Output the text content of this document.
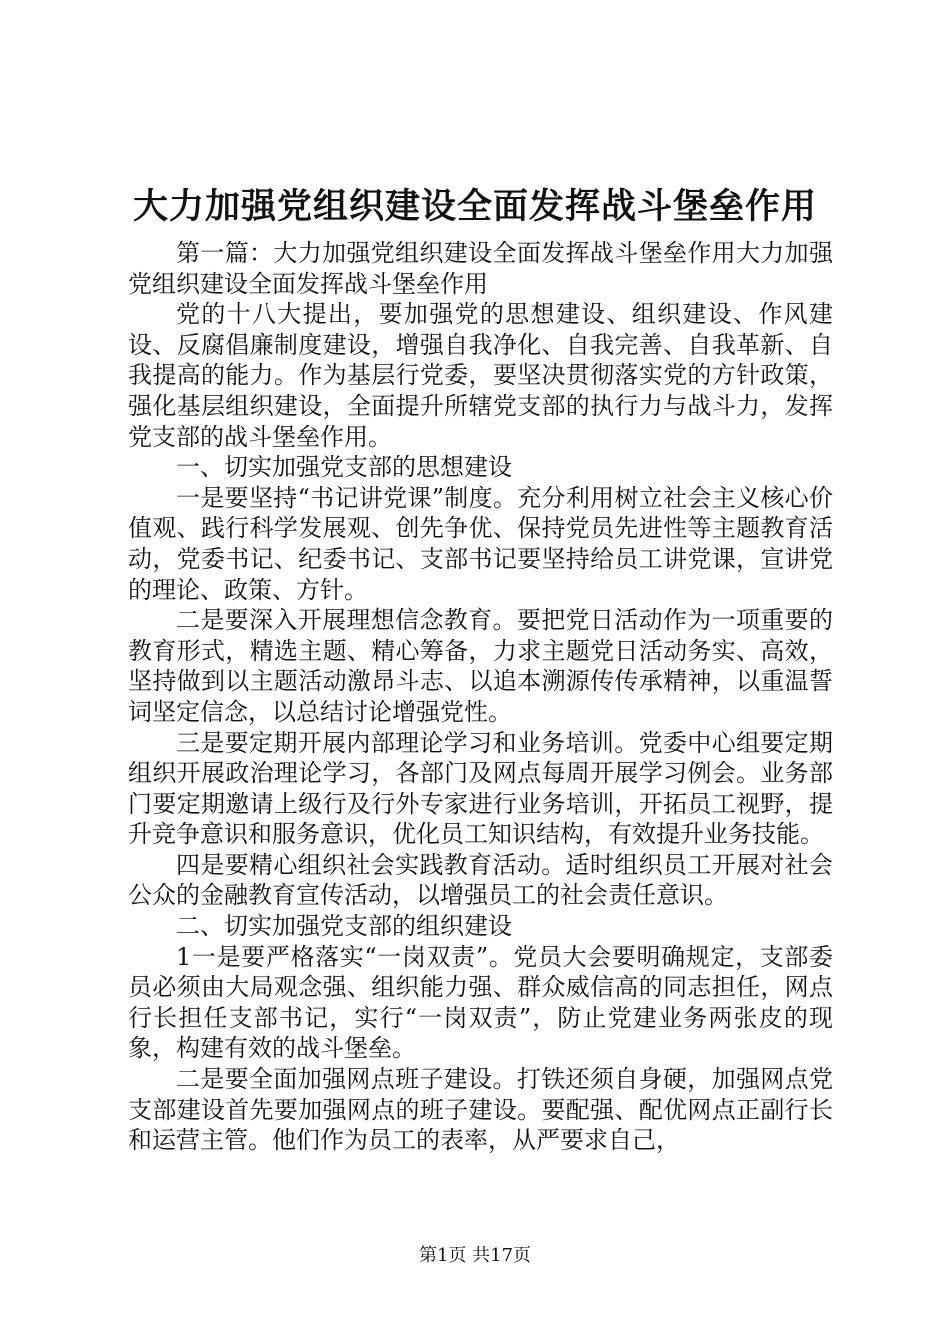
大力加强党组织建设全面发挥战斗堡垒作用

第一篇：大力加强党组织建设全面发挥战斗堡垒作用大力加强党组织建设全面发挥战斗堡垒作用

党的十八大提出，要加强党的思想建设、组织建设、作风建设、反腐倡廉制度建设，增强自我净化、自我完善、自我革新、自我提高的能力。作为基层行党委，要坚决贯彻落实党的方针政策，强化基层组织建设，全面提升所辖党支部的执行力与战斗力，发挥党支部的战斗堡垒作用。

一、切实加强党支部的思想建设

一是要坚持“书记讲党课”制度。充分利用树立社会主义核心价值观、践行科学发展观、创先争优、保持党员先进性等主题教育活动，党委书记、纪委书记、支部书记要坚持给员工讲党课，宣讲党的理论、政策、方针。

二是要深入开展理想信念教育。要把党日活动作为一项重要的教育形式，精选主题、精心筹备，力求主题党日活动务实、高效，坚持做到以主题活动激昂斗志、以追本溯源传传承精神，以重温誓词坚定信念，以总结讨论增强党性。

三是要定期开展内部理论学习和业务培训。党委中心组要定期组织开展政治理论学习，各部门及网点每周开展学习例会。业务部门要定期邀请上级行及行外专家进行业务培训，开拓员工视野，提升竞争意识和服务意识，优化员工知识结构，有效提升业务技能。

四是要精心组织社会实践教育活动。适时组织员工开展对社会公众的金融教育宣传活动，以增强员工的社会责任意识。

二、切实加强党支部的组织建设

1一是要严格落实“一岗双责”。党员大会要明确规定，支部委员必须由大局观念强、组织能力强、群众威信高的同志担任，网点行长担任支部书记，实行“一岗双责”，防止党建业务两张皮的现象，构建有效的战斗堡垒。

二是要全面加强网点班子建设。打铁还须自身硬，加强网点党支部建设首先要加强网点的班子建设。要配强、配优网点正副行长和运营主管。他们作为员工的表率，从严要求自己，

第1页 共17页
